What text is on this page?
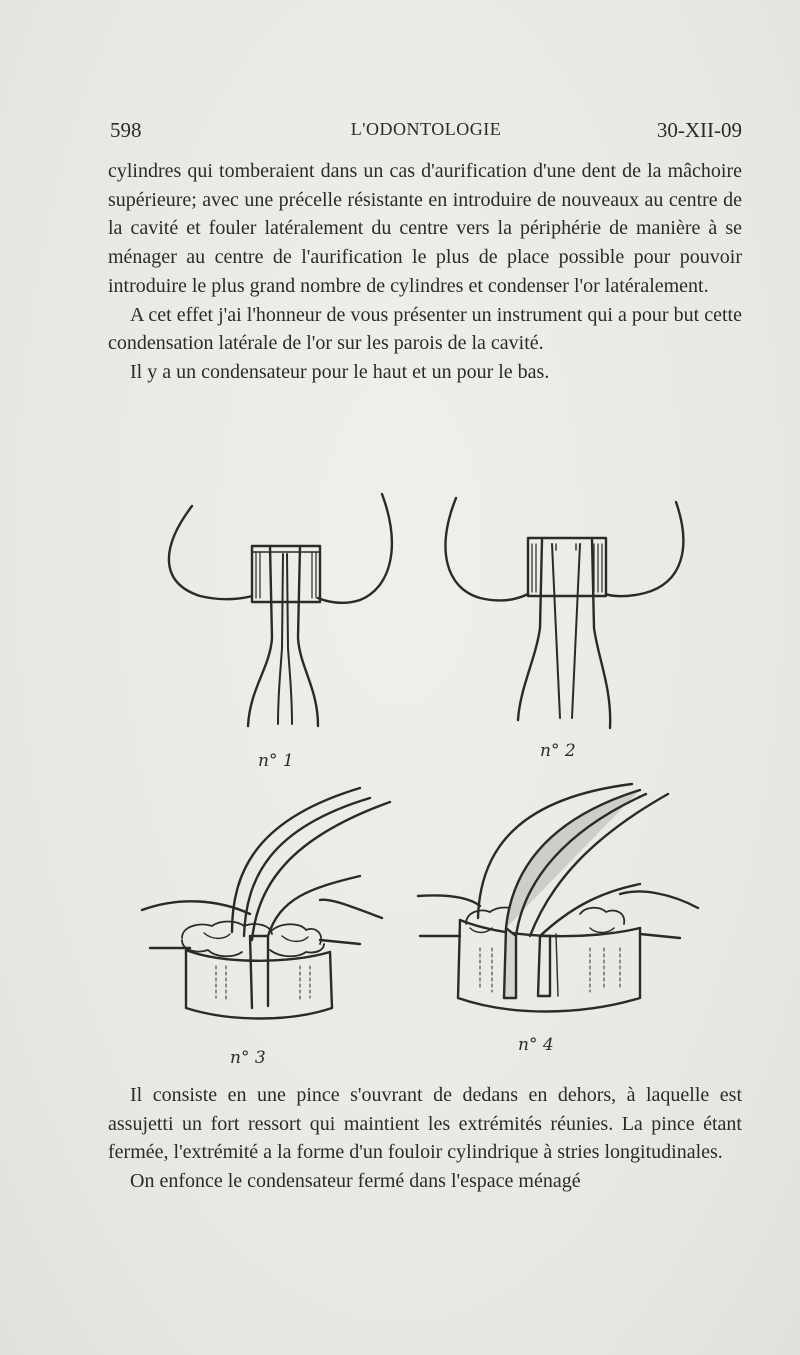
598	L'ODONTOLOGIE	30-XII-09

cylindres qui tomberaient dans un cas d'aurification d'une dent de la mâchoire supérieure; avec une précelle résistante en introduire de nouveaux au centre de la cavité et fouler latéralement du centre vers la périphérie de manière à se ménager au centre de l'aurification le plus de place possible pour pouvoir introduire le plus grand nombre de cylindres et condenser l'or latéralement.

A cet effet j'ai l'honneur de vous présenter un instrument qui a pour but cette condensation latérale de l'or sur les parois de la cavité.

Il y a un condensateur pour le haut et un pour le bas.

n° 1	n° 2
n° 3
n° 4

Il consiste en une pince s'ouvrant de dedans en dehors, à laquelle est assujetti un fort ressort qui maintient les extrémités réunies. La pince étant fermée, l'extrémité a la forme d'un fouloir cylindrique à stries longitudinales.

On enfonce le condensateur fermé dans l'espace ménagé
